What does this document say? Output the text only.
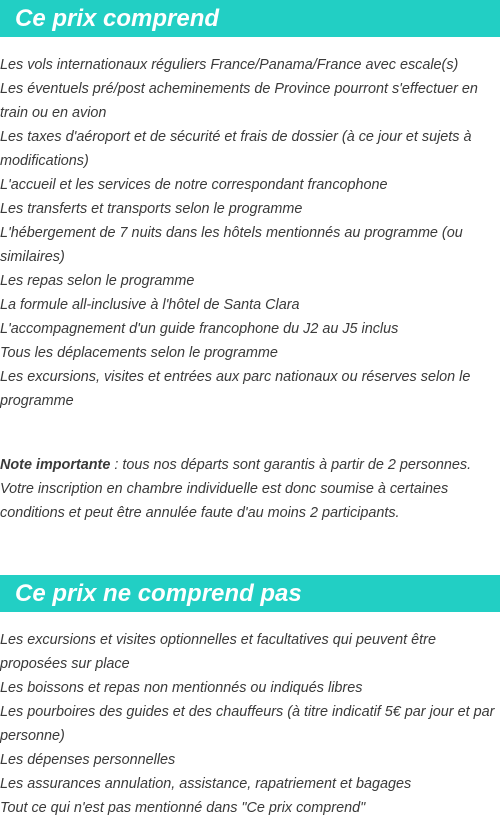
Ce prix comprend
Les vols internationaux réguliers France/Panama/France avec escale(s)
Les éventuels pré/post acheminements de Province pourront s'effectuer en train ou en avion
Les taxes d'aéroport et de sécurité et frais de dossier (à ce jour et sujets à modifications)
L'accueil et les services de notre correspondant francophone
Les transferts et transports selon le programme
L'hébergement de 7 nuits dans les hôtels mentionnés au programme (ou similaires)
Les repas selon le programme
La formule all-inclusive à l'hôtel de Santa Clara
L'accompagnement d'un guide francophone du J2 au J5 inclus
Tous les déplacements selon le programme
Les excursions, visites et entrées aux parc nationaux ou réserves selon le programme
Note importante : tous nos départs sont garantis à partir de 2 personnes. Votre inscription en chambre individuelle est donc soumise à certaines conditions et peut être annulée faute d'au moins 2 participants.
Ce prix ne comprend pas
Les excursions et visites optionnelles et facultatives qui peuvent être proposées sur place
Les boissons et repas non mentionnés ou indiqués libres
Les pourboires des guides et des chauffeurs (à titre indicatif 5€ par jour et par personne)
Les dépenses personnelles
Les assurances annulation, assistance, rapatriement et bagages
Tout ce qui n'est pas mentionné dans "Ce prix comprend"
